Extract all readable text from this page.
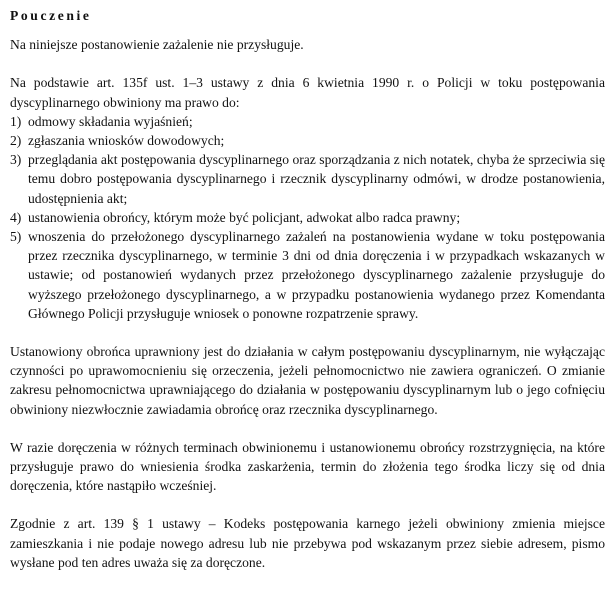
Pouczenie

Na niniejsze postanowienie zażalenie nie przysługuje.

Na podstawie art. 135f ust. 1–3 ustawy z dnia 6 kwietnia 1990 r. o Policji w toku postępowania dyscyplinarnego obwiniony ma prawo do:

1) odmowy składania wyjaśnień;
2) zgłaszania wniosków dowodowych;
3) przeglądania akt postępowania dyscyplinarnego oraz sporządzania z nich notatek, chyba że sprzeciwia się temu dobro postępowania dyscyplinarnego i rzecznik dyscyplinarny odmówi, w drodze postanowienia, udostępnienia akt;
4) ustanowienia obrońcy, którym może być policjant, adwokat albo radca prawny;
5) wnoszenia do przełożonego dyscyplinarnego zażaleń na postanowienia wydane w toku postępowania przez rzecznika dyscyplinarnego, w terminie 3 dni od dnia doręczenia i w przypadkach wskazanych w ustawie; od postanowień wydanych przez przełożonego dyscyplinarnego zażalenie przysługuje do wyższego przełożonego dyscyplinarnego, a w przypadku postanowienia wydanego przez Komendanta Głównego Policji przysługuje wniosek o ponowne rozpatrzenie sprawy.

Ustanowiony obrońca uprawniony jest do działania w całym postępowaniu dyscyplinarnym, nie wyłączając czynności po uprawomocnieniu się orzeczenia, jeżeli pełnomocnictwo nie zawiera ograniczeń. O zmianie zakresu pełnomocnictwa uprawniającego do działania w postępowaniu dyscyplinarnym lub o jego cofnięciu obwiniony niezwłocznie zawiadamia obrońcę oraz rzecznika dyscyplinarnego.

W razie doręczenia w różnych terminach obwinionemu i ustanowionemu obrońcy rozstrzygnięcia, na które przysługuje prawo do wniesienia środka zaskarżenia, termin do złożenia tego środka liczy się od dnia doręczenia, które nastąpiło wcześniej.

Zgodnie z art. 139 § 1 ustawy – Kodeks postępowania karnego jeżeli obwiniony zmienia miejsce zamieszkania i nie podaje nowego adresu lub nie przebywa pod wskazanym przez siebie adresem, pismo wysłane pod ten adres uważa się za doręczone.
